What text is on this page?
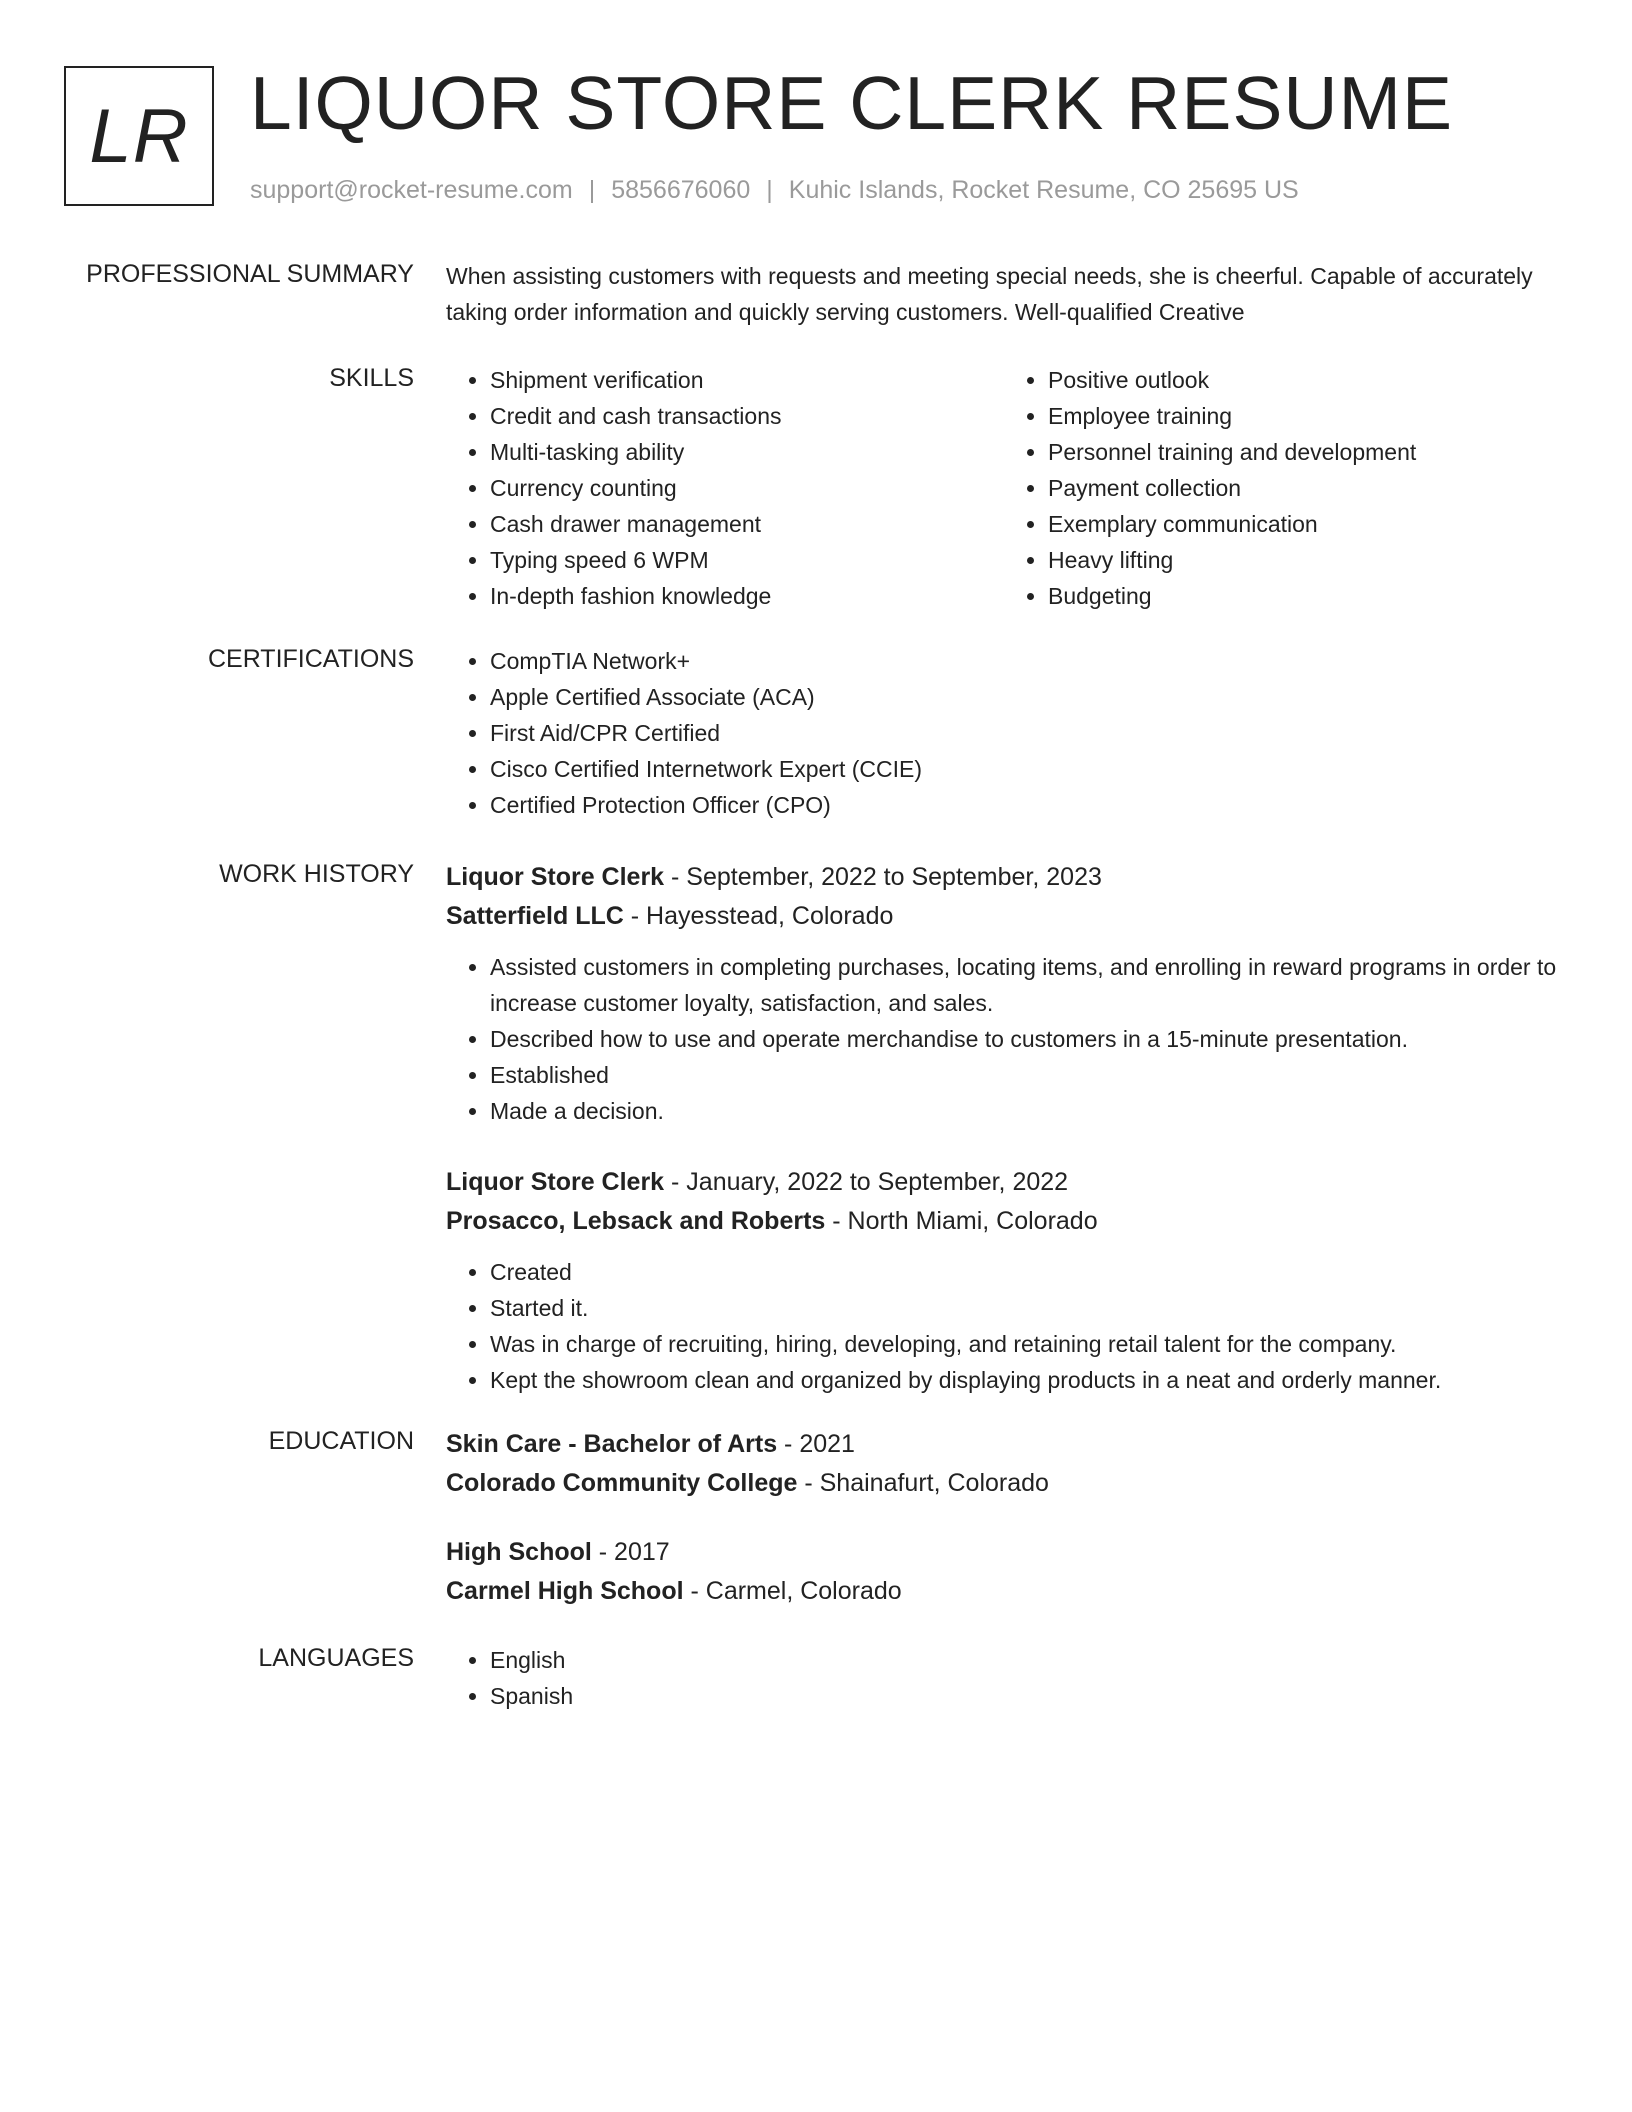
LR LIQUOR STORE CLERK RESUME
support@rocket-resume.com | 5856676060 | Kuhic Islands, Rocket Resume, CO 25695 US
PROFESSIONAL SUMMARY When assisting customers with requests and meeting special needs, she is cheerful. Capable of accurately taking order information and quickly serving customers. Well-qualified Creative
SKILLS	• Shipment verification
• Credit and cash transactions
• Multi-tasking ability
• Currency counting
• Cash drawer management
• Typing speed 6 WPM
• In-depth fashion knowledge
• Positive outlook
• Employee training
• Personnel training and development
• Payment collection
• Exemplary communication
• Heavy lifting
• Budgeting
CERTIFICATIONS	• CompTIA Network+
• Apple Certified Associate (ACA)
• First Aid/CPR Certified
• Cisco Certified Internetwork Expert (CCIE)
• Certified Protection Officer (CPO)
WORK HISTORY Liquor Store Clerk - September, 2022 to September, 2023
Satterfield LLC - Hayesstead, Colorado
• Assisted customers in completing purchases, locating items, and enrolling in reward programs in order to increase customer loyalty, satisfaction, and sales.
• Described how to use and operate merchandise to customers in a 15-minute presentation.
• Established
• Made a decision.
Liquor Store Clerk - January, 2022 to September, 2022
Prosacco, Lebsack and Roberts - North Miami, Colorado
• Created
• Started it.
• Was in charge of recruiting, hiring, developing, and retaining retail talent for the company.
• Kept the showroom clean and organized by displaying products in a neat and orderly manner.
EDUCATION Skin Care - Bachelor of Arts - 2021
Colorado Community College - Shainafurt, Colorado
High School - 2017
Carmel High School - Carmel, Colorado
LANGUAGES	• English
• Spanish
